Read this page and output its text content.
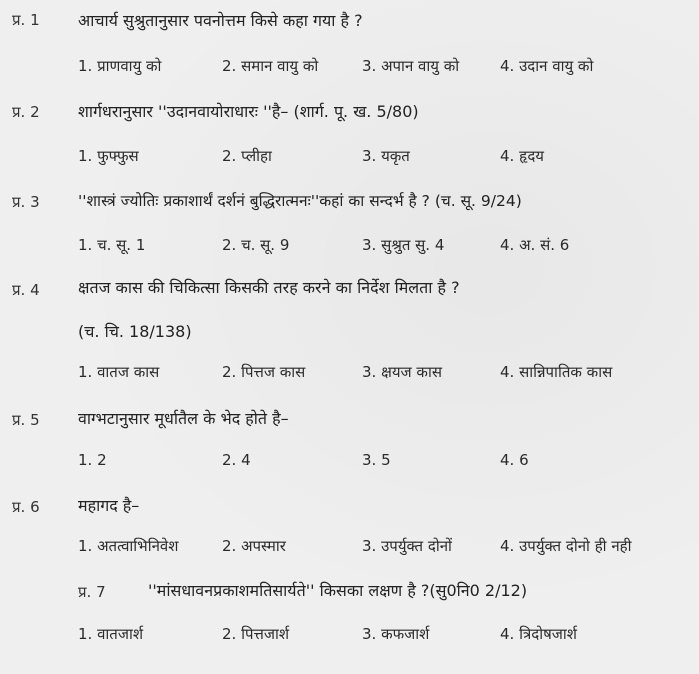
प्र. 1 आचार्य सुश्रुतानुसार पवनोत्तम किसे कहा गया है ?
1. प्राणवायु को	2. समान वायु को	3. अपान वायु को	4. उदान वायु को
प्र. 2 शार्गधरानुसार ''उदानवायोराधारः ''है– (शार्ग. पू. ख. 5/80)
1. फुफ्फुस	2. प्लीहा	3. यकृत	4. हृदय
प्र. 3 ''शास्त्रं ज्योतिः प्रकाशार्थं दर्शनं बुद्धिरात्मनः''कहां का सन्दर्भ है ? (च. सू. 9/24)
1. च. सू. 1	2. च. सू. 9	3. सुश्रुत सु. 4	4. अ. सं. 6
प्र. 4 क्षतज कास की चिकित्सा किसकी तरह करने का निर्देश मिलता है ?
(च. चि. 18/138)
1. वातज कास	2. पित्तज कास	3. क्षयज कास	4. सान्निपातिक कास
प्र. 5 वाग्भटानुसार मूर्धातैल के भेद होते है–
1. 2	2. 4	3. 5	4. 6
प्र. 6 महागद है–
1. अतत्वाभिनिवेश	2. अपस्मार	3. उपर्युक्त दोनों	4. उपर्युक्त दोनो ही नही
प्र. 7	''मांसधावनप्रकाशमतिसार्यते'' किसका लक्षण है ?(सु0नि0 2/12)
1. वातजार्श	2. पित्तजार्श	3. कफजार्श	4. त्रिदोषजार्श
